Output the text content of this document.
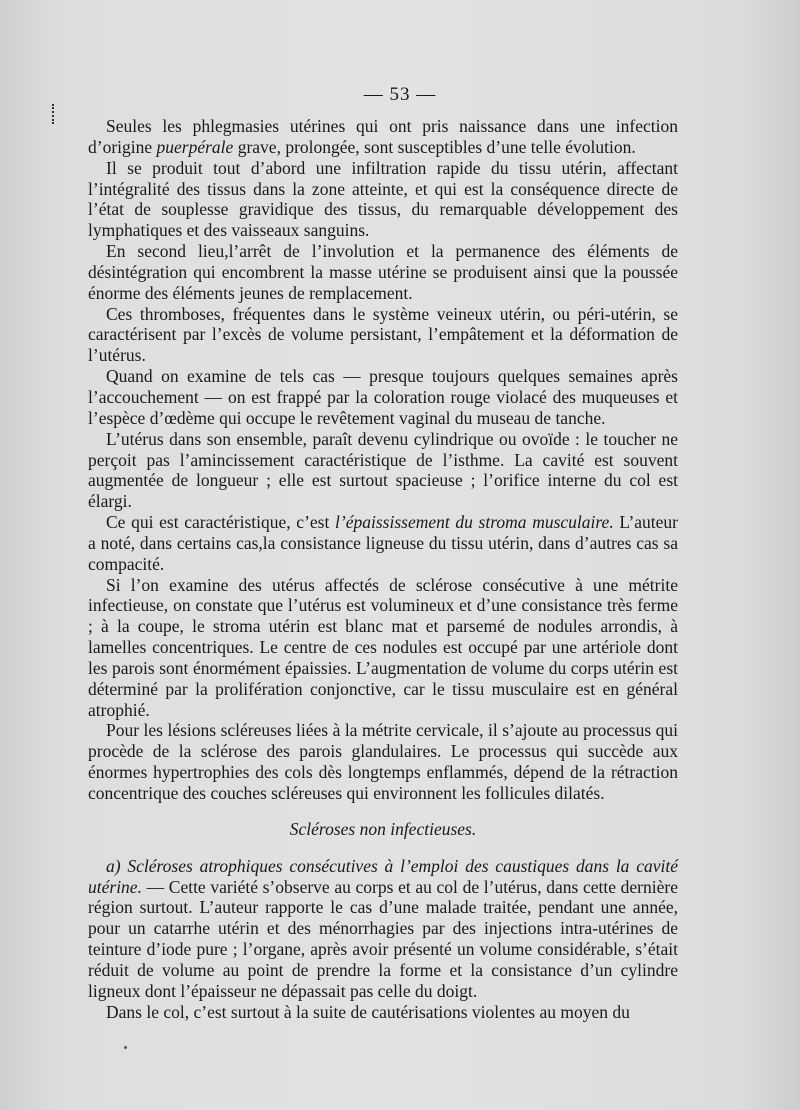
— 53 —

Seules les phlegmasies utérines qui ont pris naissance dans une infection d’origine puerpérale grave, prolongée, sont susceptibles d’une telle évolution.

Il se produit tout d’abord une infiltration rapide du tissu utérin, affectant l’intégralité des tissus dans la zone atteinte, et qui est la conséquence directe de l’état de souplesse gravidique des tissus, du remarquable développement des lymphatiques et des vaisseaux sanguins.

En second lieu,l’arrêt de l’involution et la permanence des éléments de désintégration qui encombrent la masse utérine se produisent ainsi que la poussée énorme des éléments jeunes de remplacement.

Ces thromboses, fréquentes dans le système veineux utérin, ou péri-utérin, se caractérisent par l’excès de volume persistant, l’empâtement et la déformation de l’utérus.

Quand on examine de tels cas — presque toujours quelques semaines après l’accouchement — on est frappé par la coloration rouge violacé des muqueuses et l’espèce d’œdème qui occupe le revêtement vaginal du museau de tanche.

L’utérus dans son ensemble, paraît devenu cylindrique ou ovoïde : le toucher ne perçoit pas l’amincissement caractéristique de l’isthme. La cavité est souvent augmentée de longueur ; elle est surtout spacieuse ; l’orifice interne du col est élargi.

Ce qui est caractéristique, c’est l’épaississement du stroma musculaire. L’auteur a noté, dans certains cas,la consistance ligneuse du tissu utérin, dans d’autres cas sa compacité.

Si l’on examine des utérus affectés de sclérose consécutive à une métrite infectieuse, on constate que l’utérus est volumineux et d’une consistance très ferme ; à la coupe, le stroma utérin est blanc mat et parsemé de nodules arrondis, à lamelles concentriques. Le centre de ces nodules est occupé par une artériole dont les parois sont énormément épaissies. L’augmentation de volume du corps utérin est déterminé par la prolifération conjonctive, car le tissu musculaire est en général atrophié.

Pour les lésions scléreuses liées à la métrite cervicale, il s’ajoute au processus qui procède de la sclérose des parois glandulaires. Le processus qui succède aux énormes hypertrophies des cols dès longtemps enflammés, dépend de la rétraction concentrique des couches scléreuses qui environnent les follicules dilatés.

Scléroses non infectieuses.

a) Scléroses atrophiques consécutives à l’emploi des caustiques dans la cavité utérine. — Cette variété s’observe au corps et au col de l’utérus, dans cette dernière région surtout. L’auteur rapporte le cas d’une malade traitée, pendant une année, pour un catarrhe utérin et des ménorrhagies par des injections intra-utérines de teinture d’iode pure ; l’organe, après avoir présenté un volume considérable, s’était réduit de volume au point de prendre la forme et la consistance d’un cylindre ligneux dont l’épaisseur ne dépassait pas celle du doigt.

Dans le col, c’est surtout à la suite de cautérisations violentes au moyen du
